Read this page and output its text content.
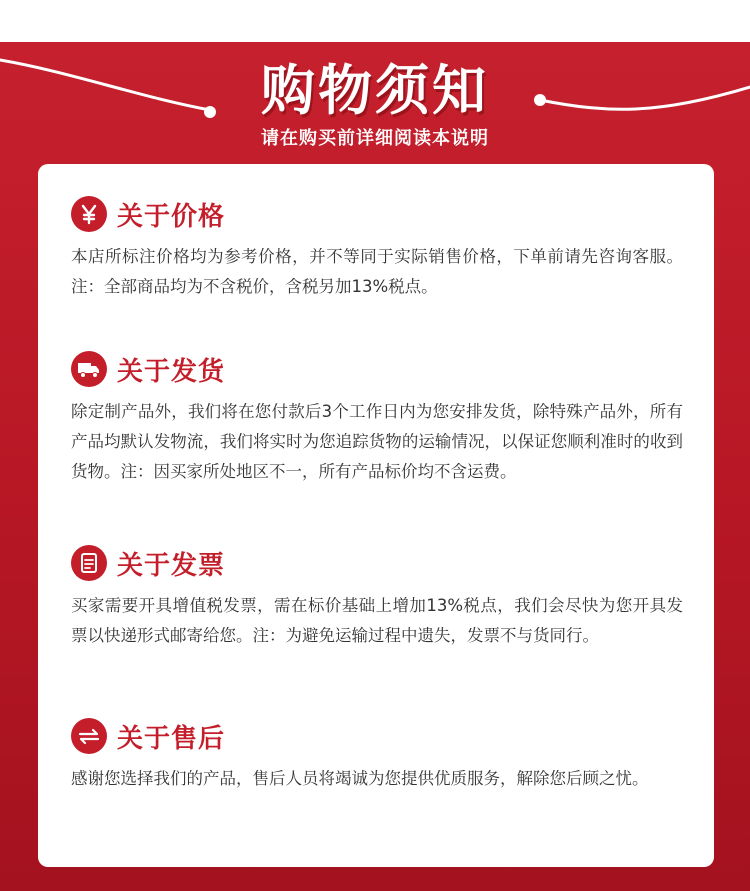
购物须知
请在购买前详细阅读本说明
关于价格

本店所标注价格均为参考价格，并不等同于实际销售价格，下单前请先咨询客服。注：全部商品均为不含税价，含税另加13%税点。

关于发货

除定制产品外，我们将在您付款后3个工作日内为您安排发货，除特殊产品外，所有产品均默认发物流，我们将实时为您追踪货物的运输情况，以保证您顺利准时的收到货物。注：因买家所处地区不一，所有产品标价均不含运费。

关于发票

买家需要开具增值税发票，需在标价基础上增加13%税点，我们会尽快为您开具发票以快递形式邮寄给您。注：为避免运输过程中遗失，发票不与货同行。

关于售后

感谢您选择我们的产品，售后人员将竭诚为您提供优质服务，解除您后顾之忧。
